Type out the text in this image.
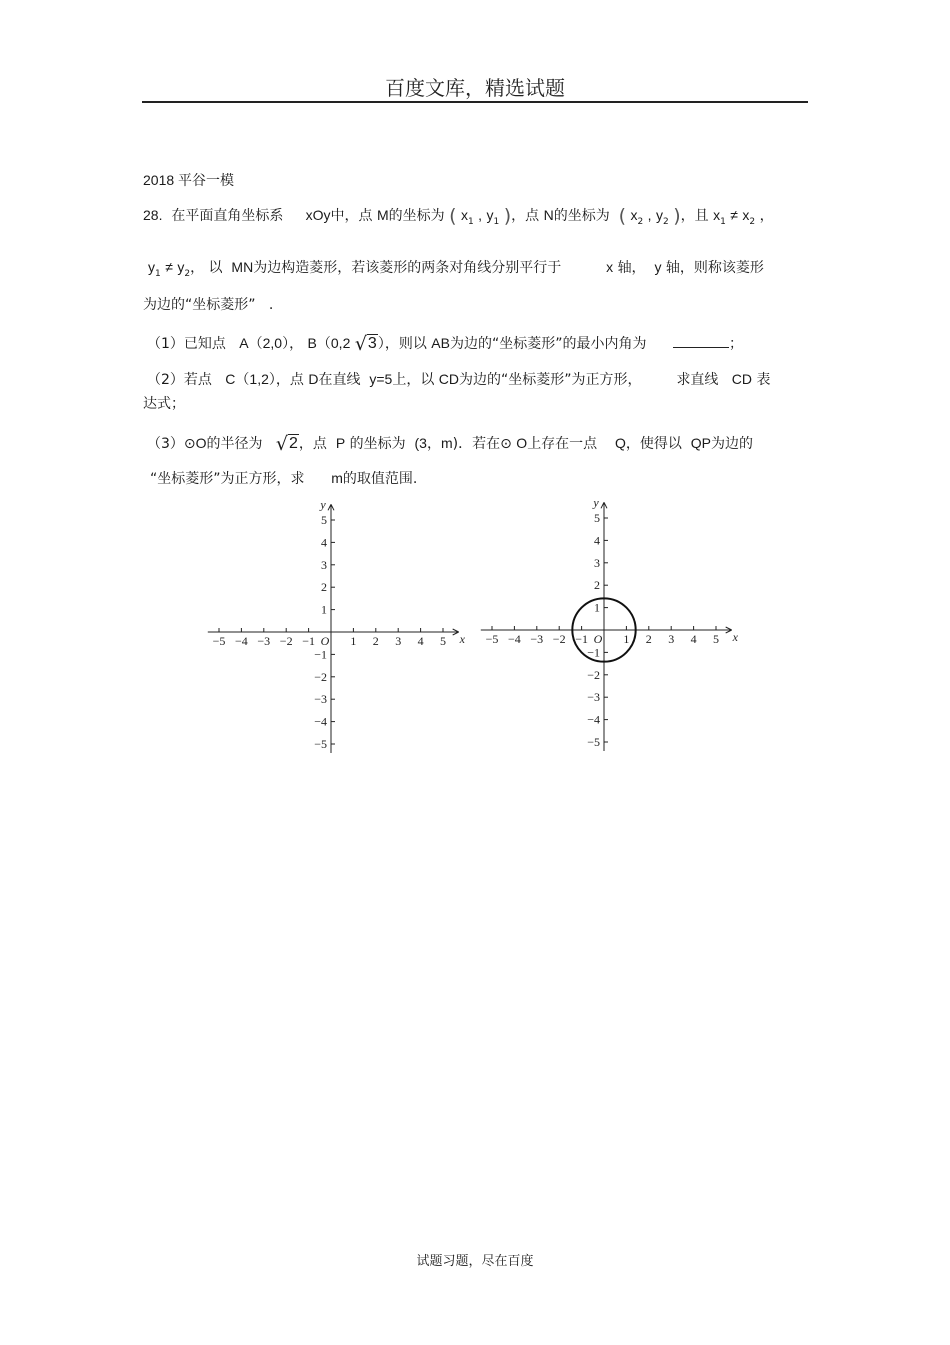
百度文库，精选试题
2018 平谷一模
28. 在平面直角坐标系 xOy中，点 M的坐标为 ( $x_1$ , $y_1$ )，点 N的坐标为 ( $x_2$ , $y_2$ )，且 $x_1 \ne x_2$ ，
$y_1 \ne y_2$， 以 MN为边构造菱形，若该菱形的两条对角线分别平行于	x 轴， y 轴，则称该菱形
为边的“坐标菱形” .
（1）已知点 A（2,0）， B（0,2 √3），则以 AB为边的“坐标菱形”的最小内角为	；
（2）若点 C（1,2），点 D在直线 y=5上，以 CD为边的“坐标菱形”为正方形， 求直线 CD 表
达式；
（3）⊙O的半径为 √2，点 P 的坐标为 (3，m)．若在⊙ O上存在一点 Q，使得以 QP为边的
“坐标菱形”为正方形，求 m的取值范围.
−5 −4 −3 −2 −1	1 2 3 4 5
5
4
3
2
1
−1
−2
−3
−4
−5
O	x
y
−5 −4 −3 −2 −1	1 2 3 4 5
5
4
3
2
1
−1
−2
−3
−4
−5
O	x
y
试题习题，尽在百度
